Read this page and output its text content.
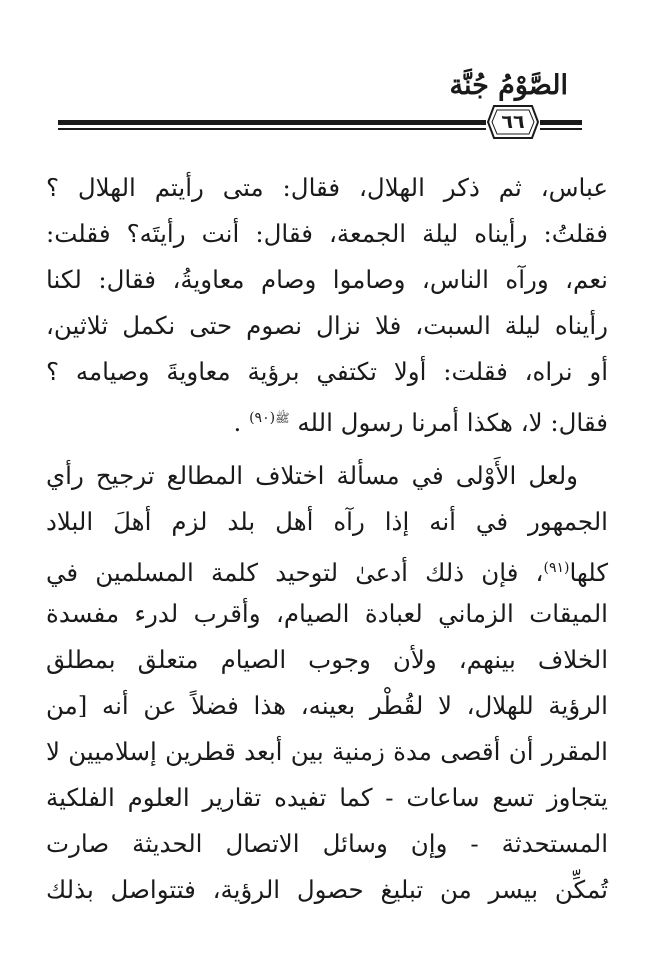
الصَّوْمُ جُنَّة
٦٦
عباس، ثم ذكر الهلال، فقال: متى رأيتم الهلال ؟
فقلتُ: رأيناه ليلة الجمعة، فقال: أنت رأيتَه؟ فقلت:
نعم، ورآه الناس، وصاموا وصام معاويةُ، فقال: لكنا
رأيناه ليلة السبت، فلا نزال نصوم حتى نكمل ثلاثين،
أو نراه، فقلت: أولا تكتفي برؤية معاويةَ وصيامه ؟
فقال: لا، هكذا أمرنا رسول الله $^{ﷺ(٩٠)}$ .
ولعل الأَوْلى في مسألة اختلاف المطالع ترجيح رأي
الجمهور في أنه إذا رآه أهل بلد لزم أهلَ البلاد
كلها$^{(٩١)}$، فإن ذلك أدعىٰ لتوحيد كلمة المسلمين في
الميقات الزماني لعبادة الصيام، وأقرب لدرء مفسدة
الخلاف بينهم، ولأن وجوب الصيام متعلق بمطلق
الرؤية للهلال، لا لقُطْر بعينه، هذا فضلاً عن أنه [من
المقرر أن أقصى مدة زمنية بين أبعد قطرين إسلاميين لا
يتجاوز تسع ساعات - كما تفيده تقارير العلوم الفلكية
المستحدثة - وإن وسائل الاتصال الحديثة صارت
تُمكِّن بيسر من تبليغ حصول الرؤية، فتتواصل بذلك
